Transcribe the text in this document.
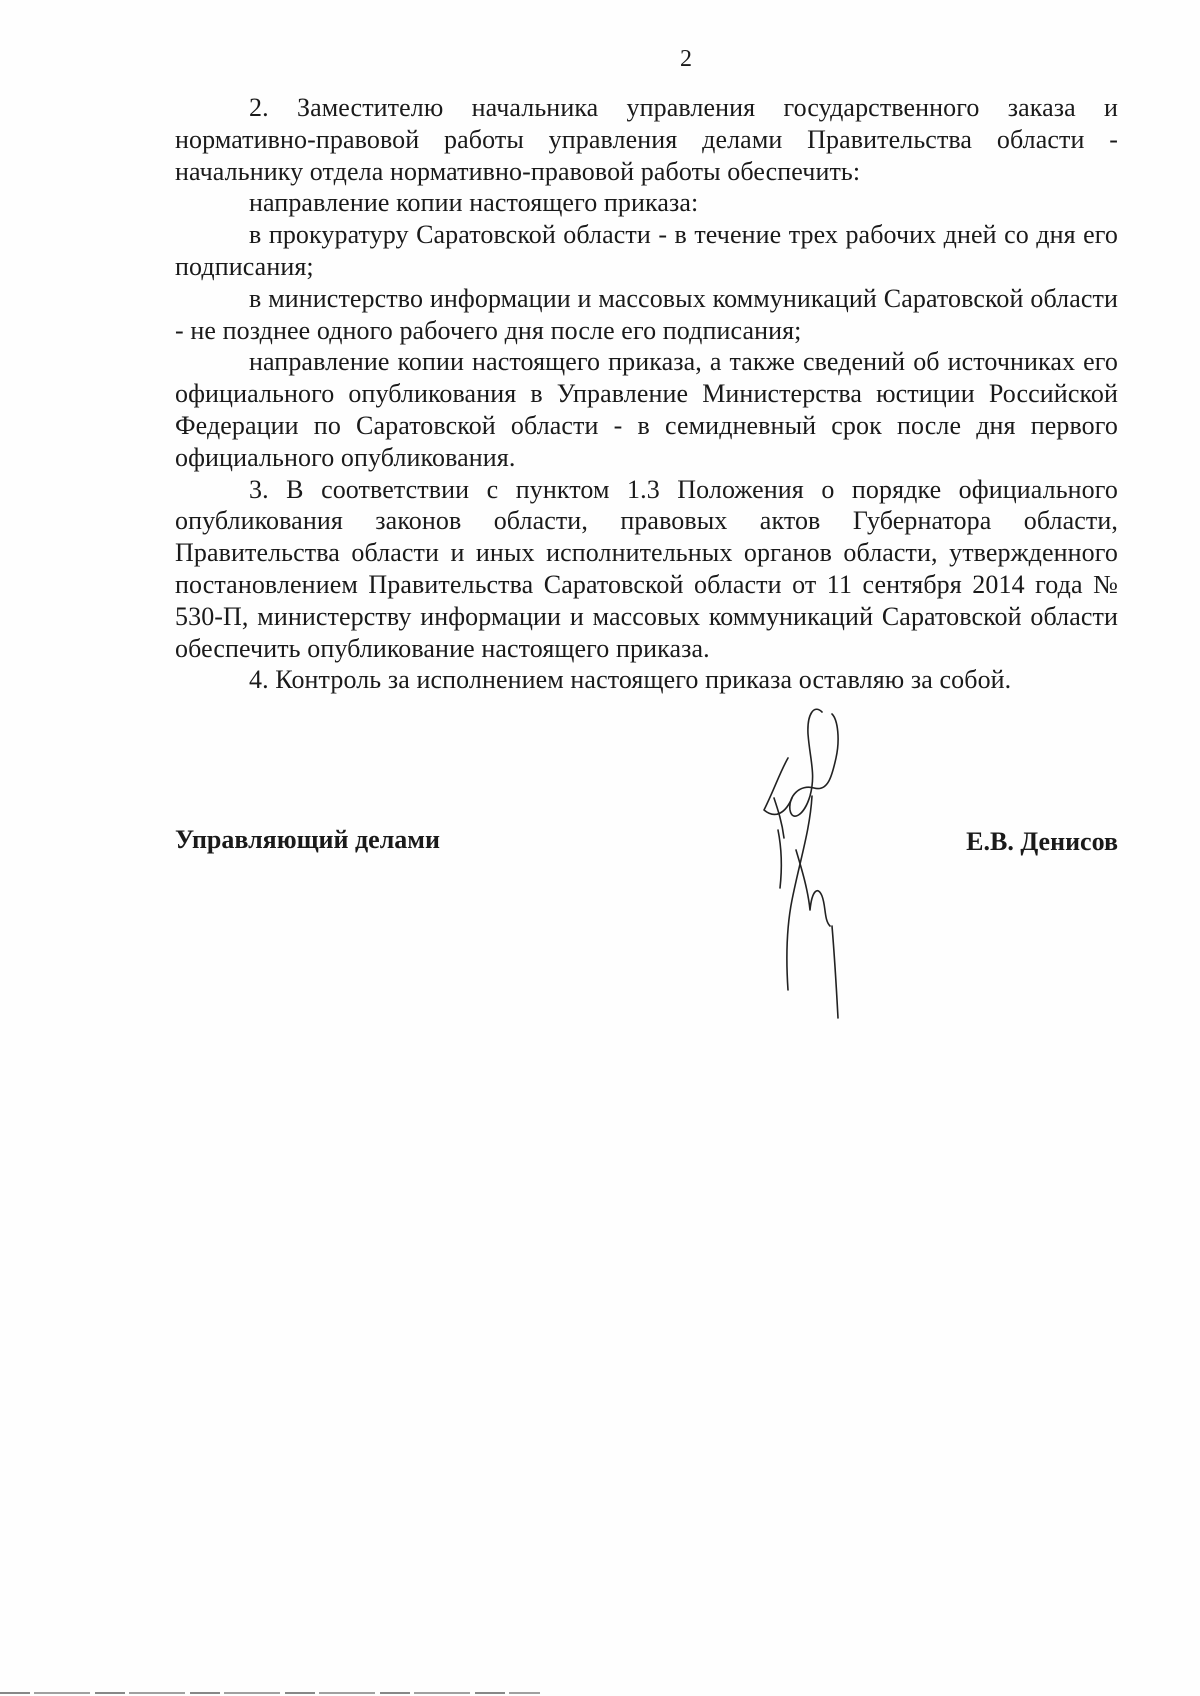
2

2. Заместителю начальника управления государственного заказа и нормативно-правовой работы управления делами Правительства области - начальнику отдела нормативно-правовой работы обеспечить:

направление копии настоящего приказа:

в прокуратуру Саратовской области - в течение трех рабочих дней со дня его подписания;

в министерство информации и массовых коммуникаций Саратовской области - не позднее одного рабочего дня после его подписания;

направление копии настоящего приказа, а также сведений об источниках его официального опубликования в Управление Министерства юстиции Российской Федерации по Саратовской области - в семидневный срок после дня первого официального опубликования.

3. В соответствии с пунктом 1.3 Положения о порядке официального опубликования законов области, правовых актов Губернатора области, Правительства области и иных исполнительных органов области, утвержденного постановлением Правительства Саратовской области от 11 сентября 2014 года № 530-П, министерству информации и массовых коммуникаций Саратовской области обеспечить опубликование настоящего приказа.

4. Контроль за исполнением настоящего приказа оставляю за собой.

Управляющий делами	Е.В. Денисов
